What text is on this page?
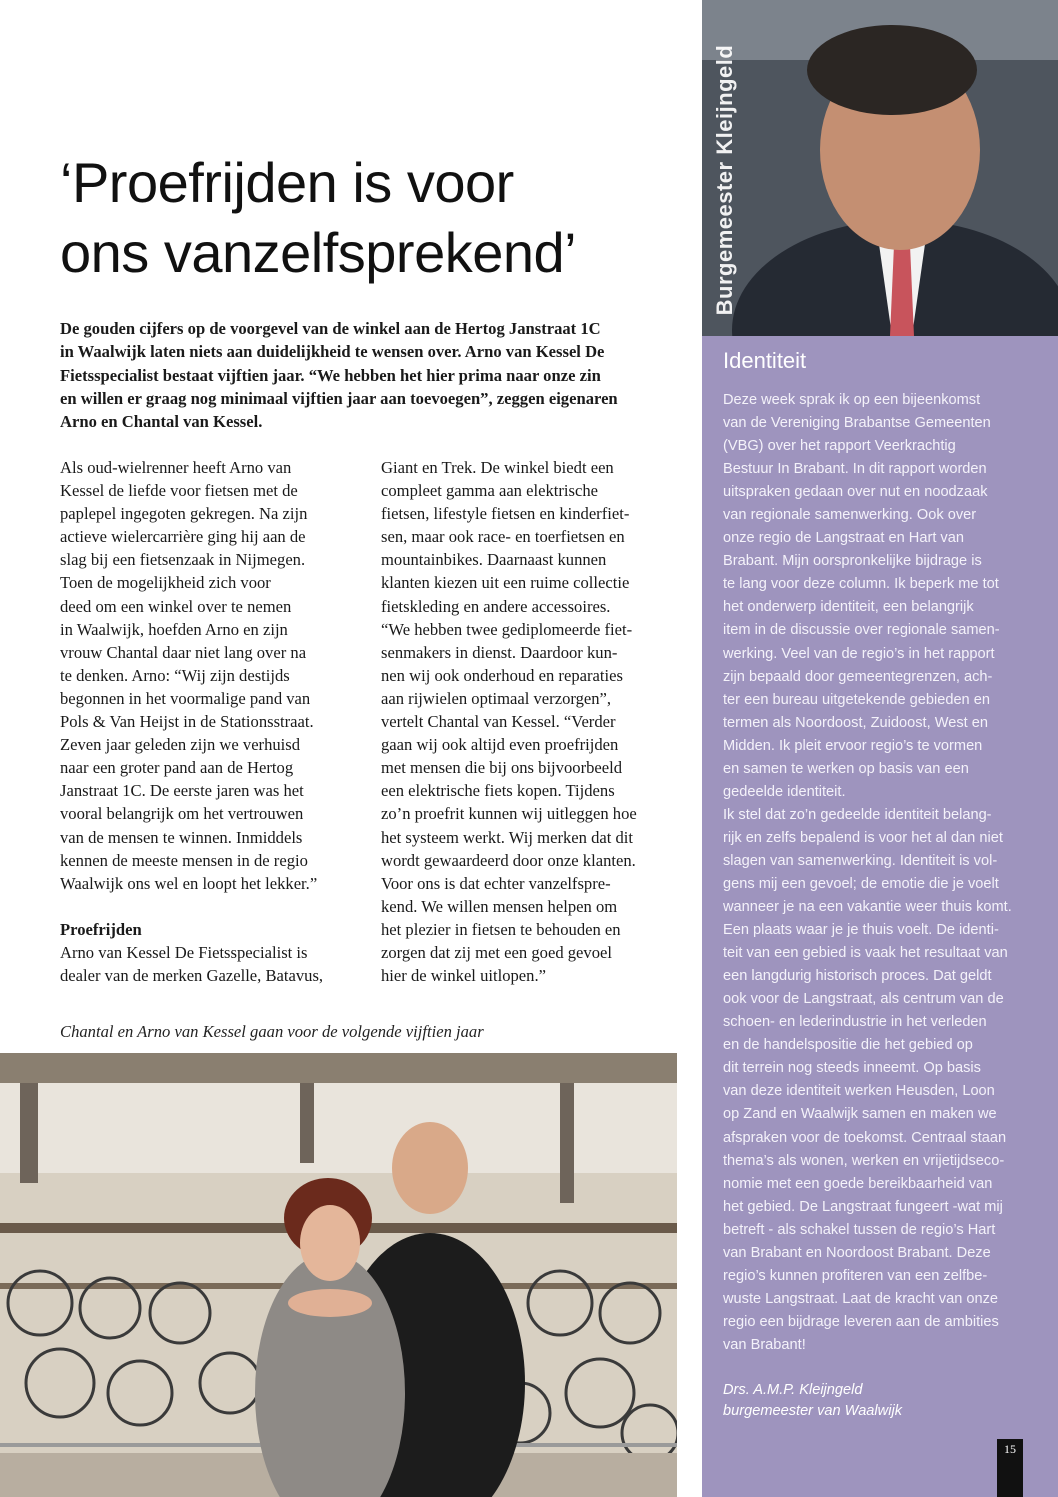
‘Proefrijden is voor
ons vanzelfsprekend’

De gouden cijfers op de voorgevel van de winkel aan de Hertog Janstraat 1C
in Waalwijk laten niets aan duidelijkheid te wensen over. Arno van Kessel De
Fietsspecialist bestaat vijftien jaar. “We hebben het hier prima naar onze zin
en willen er graag nog minimaal vijftien jaar aan toevoegen”, zeggen eigenaren
Arno en Chantal van Kessel.

Als oud-wielrenner heeft Arno van
Kessel de liefde voor fietsen met de
paplepel ingegoten gekregen. Na zijn
actieve wielercarrière ging hij aan de
slag bij een fietsenzaak in Nijmegen.
Toen de mogelijkheid zich voor
deed om een winkel over te nemen
in Waalwijk, hoefden Arno en zijn
vrouw Chantal daar niet lang over na
te denken. Arno: “Wij zijn destijds
begonnen in het voormalige pand van
Pols & Van Heijst in de Stationsstraat.
Zeven jaar geleden zijn we verhuisd
naar een groter pand aan de Hertog
Janstraat 1C. De eerste jaren was het
vooral belangrijk om het vertrouwen
van de mensen te winnen. Inmiddels
kennen de meeste mensen in de regio
Waalwijk ons wel en loopt het lekker.”
Proefrijden
Arno van Kessel De Fietsspecialist is
dealer van de merken Gazelle, Batavus,
Giant en Trek. De winkel biedt een
compleet gamma aan elektrische
fietsen, lifestyle fietsen en kinderfiet-
sen, maar ook race- en toerfietsen en
mountainbikes. Daarnaast kunnen
klanten kiezen uit een ruime collectie
fietskleding en andere accessoires.
“We hebben twee gediplomeerde fiet-
senmakers in dienst. Daardoor kun-
nen wij ook onderhoud en reparaties
aan rijwielen optimaal verzorgen”,
vertelt Chantal van Kessel. “Verder
gaan wij ook altijd even proefrijden
met mensen die bij ons bijvoorbeeld
een elektrische fiets kopen. Tijdens
zo’n proefrit kunnen wij uitleggen hoe
het systeem werkt. Wij merken dat dit
wordt gewaardeerd door onze klanten.
Voor ons is dat echter vanzelfspre-
kend. We willen mensen helpen om
het plezier in fietsen te behouden en
zorgen dat zij met een goed gevoel
hier de winkel uitlopen.”
Chantal en Arno van Kessel gaan voor de volgende vijftien jaar
Burgemeester Kleijngeld
Identiteit
Deze week sprak ik op een bijeenkomst
van de Vereniging Brabantse Gemeenten
(VBG) over het rapport Veerkrachtig
Bestuur In Brabant. In dit rapport worden
uitspraken gedaan over nut en noodzaak
van regionale samenwerking. Ook over
onze regio de Langstraat en Hart van
Brabant. Mijn oorspronkelijke bijdrage is
te lang voor deze column. Ik beperk me tot
het onderwerp identiteit, een belangrijk
item in de discussie over regionale samen-
werking. Veel van de regio’s in het rapport
zijn bepaald door gemeentegrenzen, ach-
ter een bureau uitgetekende gebieden en
termen als Noordoost, Zuidoost, West en
Midden. Ik pleit ervoor regio’s te vormen
en samen te werken op basis van een
gedeelde identiteit.
Ik stel dat zo’n gedeelde identiteit belang-
rijk en zelfs bepalend is voor het al dan niet
slagen van samenwerking. Identiteit is vol-
gens mij een gevoel; de emotie die je voelt
wanneer je na een vakantie weer thuis komt.
Een plaats waar je je thuis voelt. De identi-
teit van een gebied is vaak het resultaat van
een langdurig historisch proces. Dat geldt
ook voor de Langstraat, als centrum van de
schoen- en lederindustrie in het verleden
en de handelspositie die het gebied op
dit terrein nog steeds inneemt. Op basis
van deze identiteit werken Heusden, Loon
op Zand en Waalwijk samen en maken we
afspraken voor de toekomst. Centraal staan
thema’s als wonen, werken en vrijetijdseco-
nomie met een goede bereikbaarheid van
het gebied. De Langstraat fungeert -wat mij
betreft - als schakel tussen de regio’s Hart
van Brabant en Noordoost Brabant. Deze
regio’s kunnen profiteren van een zelfbe-
wuste Langstraat. Laat de kracht van onze
regio een bijdrage leveren aan de ambities
van Brabant!
Drs. A.M.P. Kleijngeld
burgemeester van Waalwijk
15
